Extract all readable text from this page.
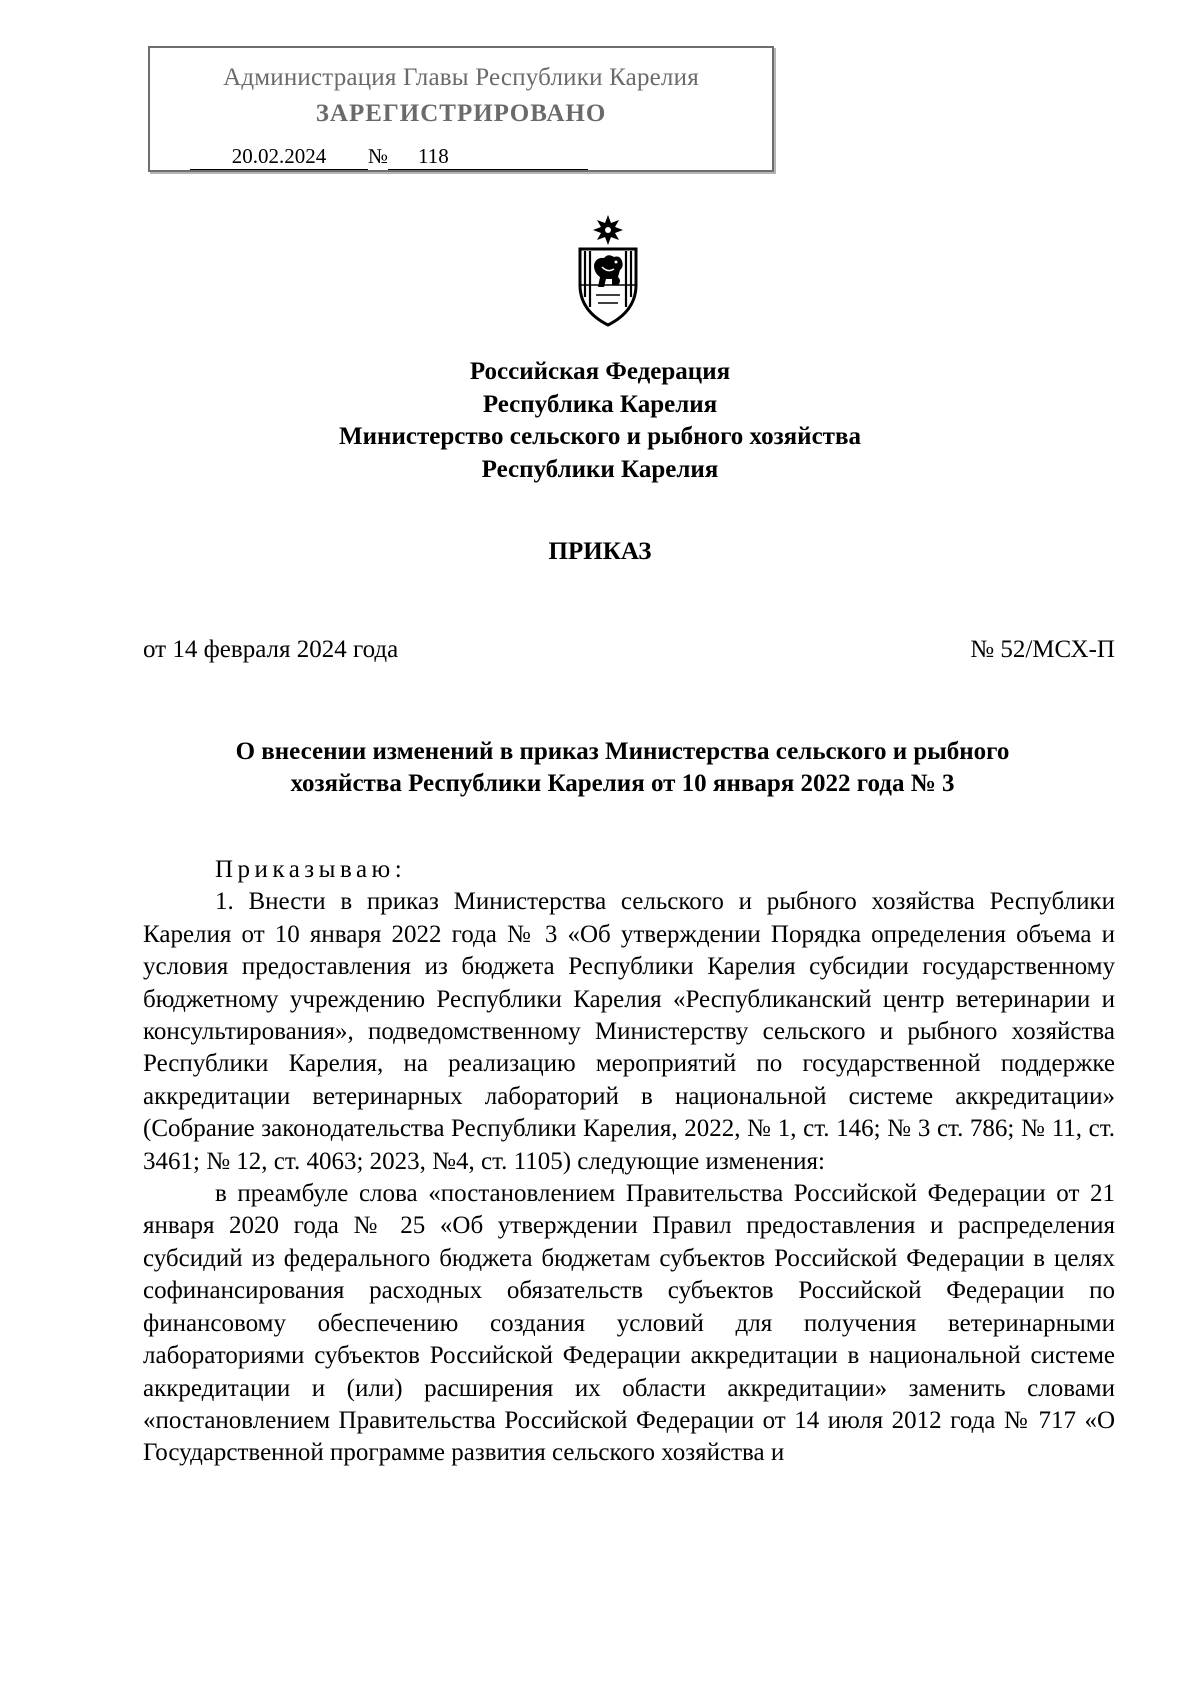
Администрация Главы Республики Карелия
ЗАРЕГИСТРИРОВАНО
20.02.2024 № 118
Российская Федерация
Республика Карелия
Министерство сельского и рыбного хозяйства
Республики Карелия
ПРИКАЗ
от 14 февраля 2024 года	№ 52/МСХ-П
О внесении изменений в приказ Министерства сельского и рыбного
хозяйства Республики Карелия от 10 января 2022 года № 3

Приказываю:

1. Внести в приказ Министерства сельского и рыбного хозяйства Республики Карелия от 10 января 2022 года № 3 «Об утверждении Порядка определения объема и условия предоставления из бюджета Республики Карелия субсидии государственному бюджетному учреждению Республики Карелия «Республиканский центр ветеринарии и консультирования», подведомственному Министерству сельского и рыбного хозяйства Республики Карелия, на реализацию мероприятий по государственной поддержке аккредитации ветеринарных лабораторий в национальной системе аккредитации» (Собрание законодательства Республики Карелия, 2022, № 1, ст. 146; № 3 ст. 786; № 11, ст. 3461; № 12, ст. 4063; 2023, №4, ст. 1105) следующие изменения:

в преамбуле слова «постановлением Правительства Российской Федерации от 21 января 2020 года № 25 «Об утверждении Правил предоставления и распределения субсидий из федерального бюджета бюджетам субъектов Российской Федерации в целях софинансирования расходных обязательств субъектов Российской Федерации по финансовому обеспечению создания условий для получения ветеринарными лабораториями субъектов Российской Федерации аккредитации в национальной системе аккредитации и (или) расширения их области аккредитации» заменить словами «постановлением Правительства Российской Федерации от 14 июля 2012 года № 717 «О Государственной программе развития сельского хозяйства и
